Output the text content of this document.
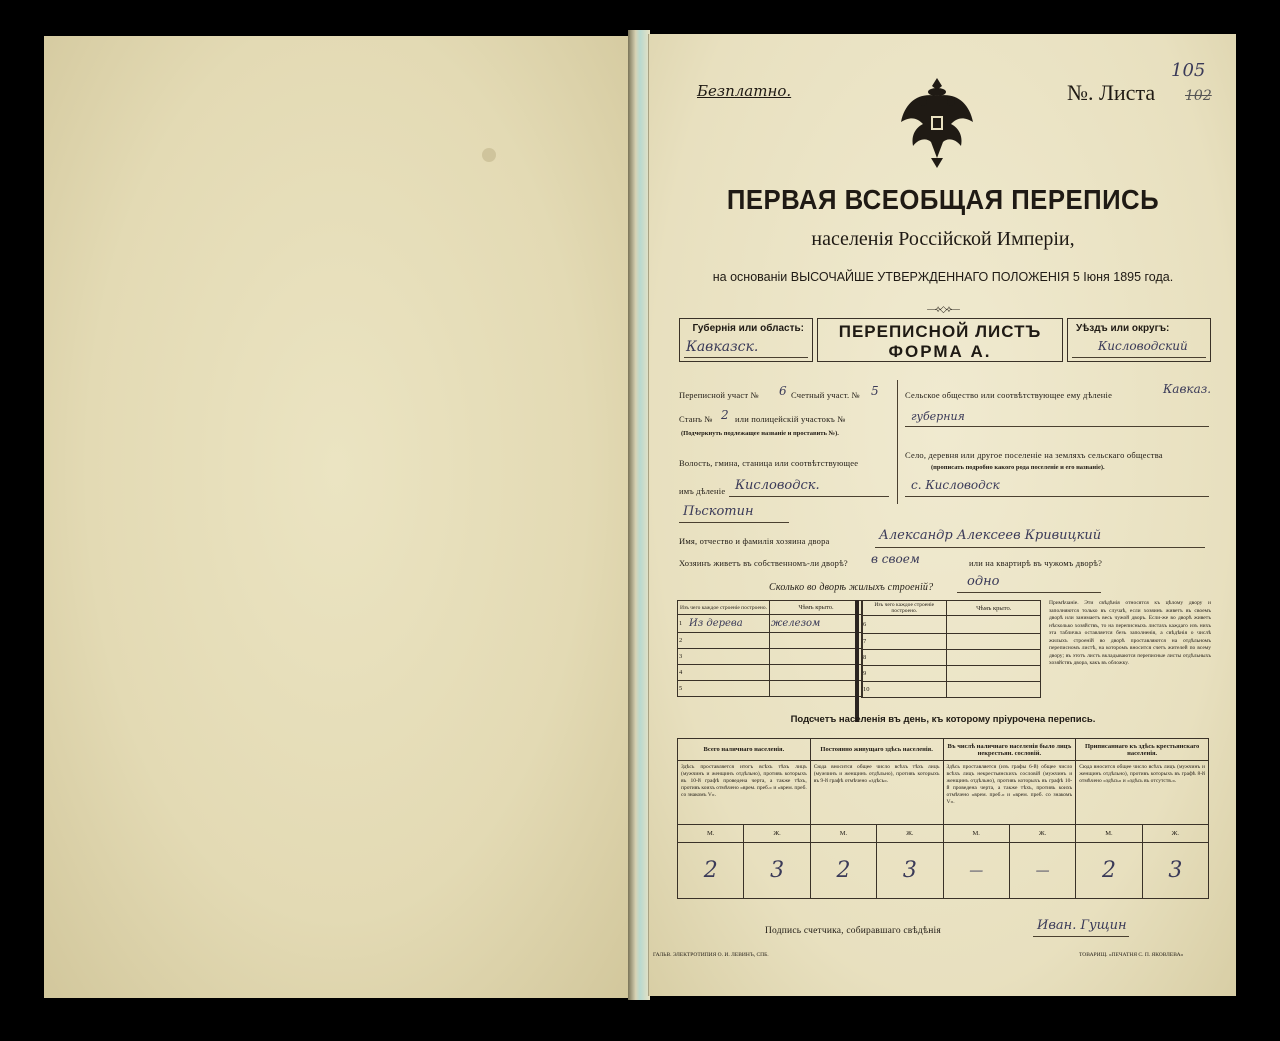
Безплатно.	№. Листа 102
105
ПЕРВАЯ ВСЕОБЩАЯ ПЕРЕПИСЬ
населенія Россійской Имперіи,
на основаніи ВЫСОЧАЙШЕ УТВЕРЖДЕННАГО ПОЛОЖЕНІЯ 5 Іюня 1895 года.
—⟡◇⟡—
Губернія или область:
Кавказск.
ПЕРЕПИСНОЙ ЛИСТЪ
ФОРМА А.
Уѣздъ или округъ:
Кисловодский
Переписной участ № 6 Счетный участ. № 5
Станъ № 2 или полицейскій участокъ №
(Подчеркнуть подлежащее названіе и проставить №).
Волость, гмина, станица или соотвѣтствующее
имъ дѣленіе Кисловодск.
Пьскотин
Сельское общество или соотвѣтствующее ему дѣленіе	Кавказ.
губерния
Село, деревня или другое поселеніе на земляхъ сельскаго общества
(прописать подробно какого рода поселеніе и его названіе).
с. Кисловодск
Имя, отчество и фамилія хозяина двора	Александр Алексеев Кривицкий
Хозяинъ живетъ въ собственномъ-ли дворѣ? в своем	или на квартирѣ въ чужомъ дворѣ?
Сколько во дворѣ жилыхъ строеній?	одно
Изъ чего каждое строеніе построено.		Чѣмъ крыто.
1	Из дерева	железом
2		
3		
4		
5		
Изъ чего каждое строеніе построено.	Чѣмъ крыто.
6	
7	
8	
9	
10	
Примѣчаніе. Эти свѣдѣнія относятся къ цѣлому двору и заполняются только въ случаѣ, если хозяинъ живетъ въ своемъ дворѣ или занимаетъ весь чужой дворъ. Если-же во дворѣ живетъ нѣсколько хозяйствъ, то на переписныхъ листахъ каждаго изъ нихъ эта табличка оставляется безъ заполненія, а свѣдѣнія о числѣ жилыхъ строеній во дворѣ проставляются на отдѣльномъ переписномъ листѣ, на которомъ вносится счетъ жителей по всему двору; въ этотъ листъ вкладываются переписные листы отдѣльныхъ хозяйствъ двора, какъ въ обложку.
Подсчетъ населенія въ день, къ которому пріурочена перепись.
Всего наличнаго населенія.		Постоянно живущаго здѣсь населенія.		Въ числѣ наличнаго населенія было лицъ некрестьян. сословій.		Приписаннаго къ здѣсь крестьянскаго населенія.	
Здѣсь проставляется итогъ всѣхъ тѣхъ лицъ (мужчинъ и женщинъ отдѣльно), противъ которыхъ въ 10-й графѣ проведена черта, а также тѣхъ, противъ коихъ отмѣчено «врем. преб.» и «врем. преб. со знакомъ V».		Сюда вносится общее число всѣхъ тѣхъ лицъ (мужчинъ и женщинъ отдѣльно), противъ которыхъ въ 9-й графѣ отмѣчено «здѣсь».		Здѣсь проставляется (изъ графы 6-й) общее число всѣхъ лицъ некрестьянскихъ сословій (мужчинъ и женщинъ отдѣльно), противъ которыхъ въ графѣ 10-й проведена черта, а также тѣхъ, противъ коихъ отмѣчено «врем. преб.» и «врем. преб. со знакомъ V».		Сюда вносится общее число всѣхъ лицъ (мужчинъ и женщинъ отдѣльно), противъ которыхъ въ графѣ 8-й отмѣчено «здѣсь» и «здѣсь въ отсутств.».	
М.	Ж.	М.	Ж.	М.	Ж.	М.	Ж.
2	3	2	3	—	—	2	3
Подпись счетчика, собиравшаго свѣдѣнія	Иван. Гущин
ГАЛЬВ. ЭЛЕКТРОТИПИЯ О. И. ЛЕВИНЪ, СПБ.	ТОВАРИЩ. «ПЕЧАТНЯ С. П. ЯКОВЛЕВА»
